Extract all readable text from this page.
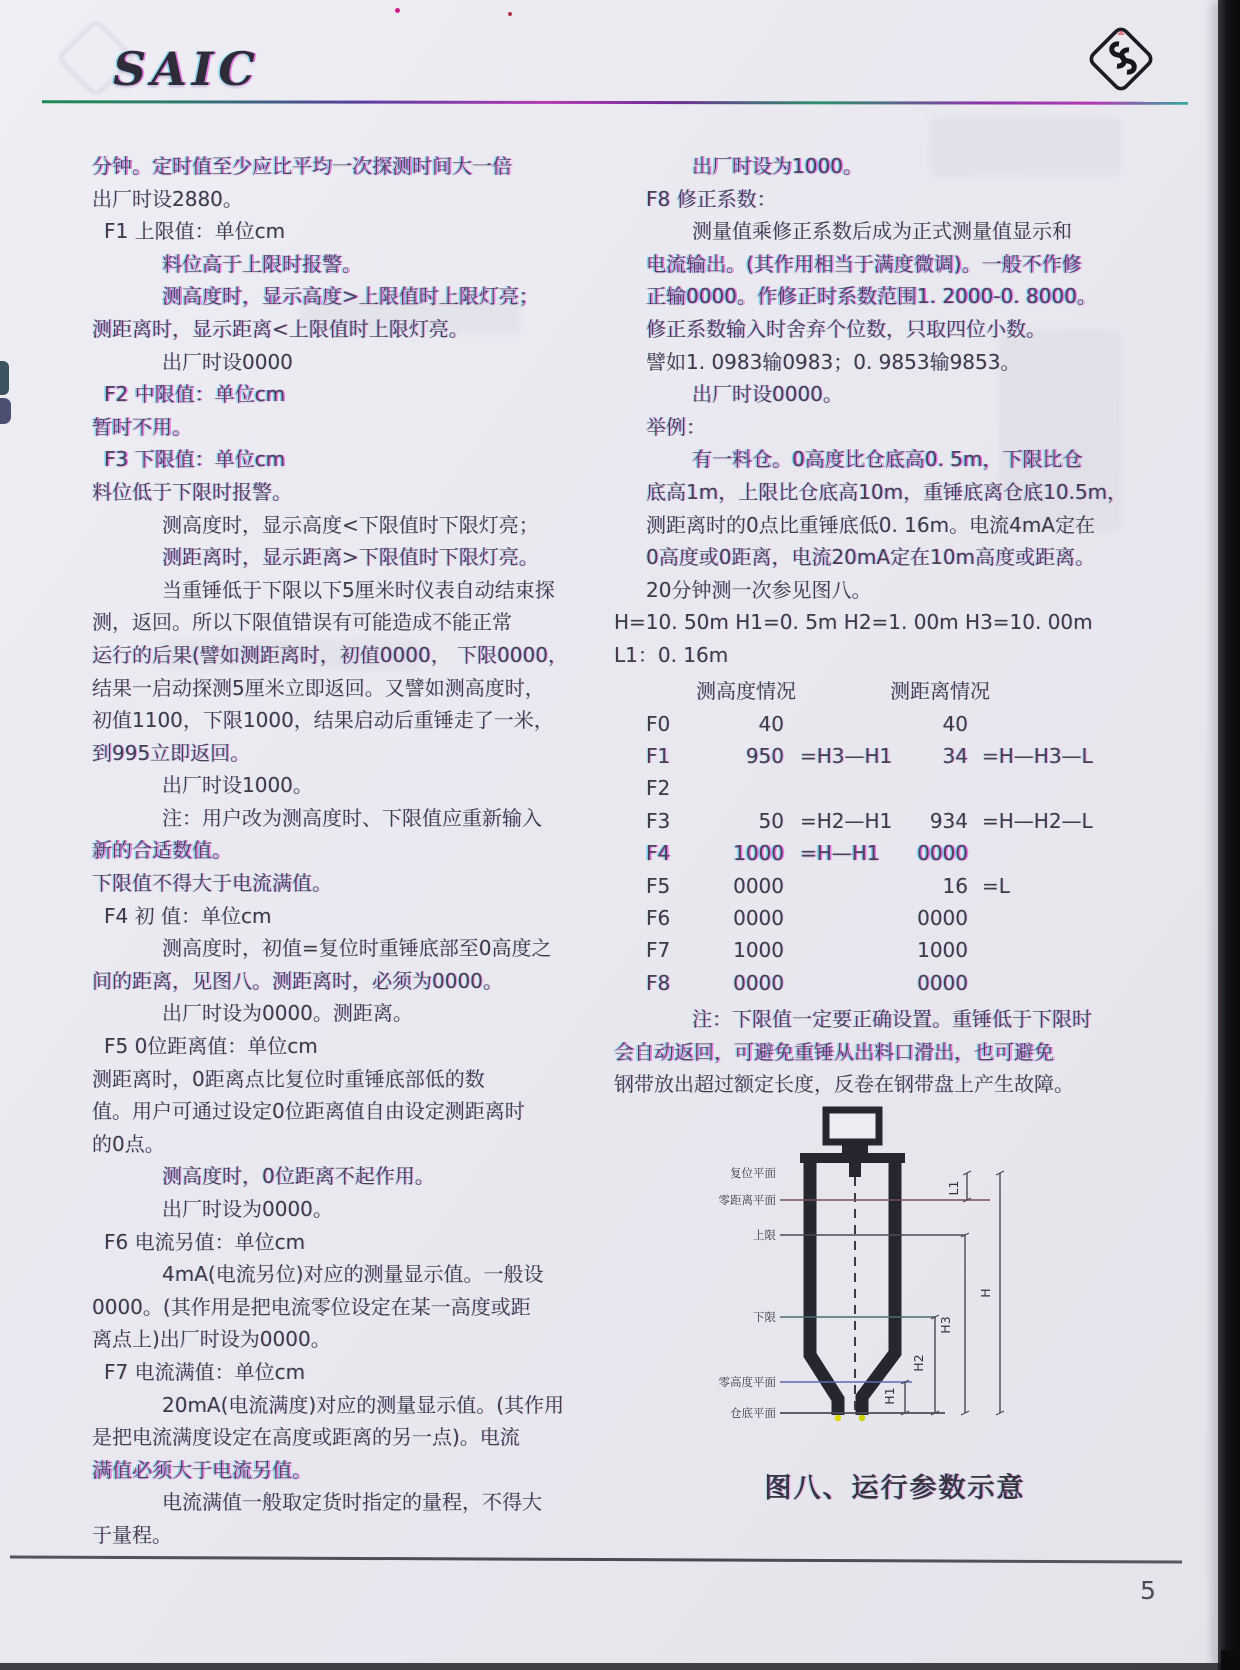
SAIC
分钟。定时值至少应比平均一次探测时间大一倍
出厂时设2880。
F1 上限值：单位cm
料位高于上限时报警。
测高度时，显示高度>上限值时上限灯亮；
测距离时，显示距离<上限值时上限灯亮。
出厂时设0000
F2 中限值：单位cm
暂时不用。
F3 下限值：单位cm
料位低于下限时报警。
测高度时，显示高度<下限值时下限灯亮；
测距离时，显示距离>下限值时下限灯亮。
当重锤低于下限以下5厘米时仪表自动结束探
测，返回。所以下限值错误有可能造成不能正常
运行的后果(譬如测距离时，初值0000， 下限0000，
结果一启动探测5厘米立即返回。又譬如测高度时，
初值1100，下限1000，结果启动后重锤走了一米，
到995立即返回。
出厂时设1000。
注：用户改为测高度时、下限值应重新输入
新的合适数值。
下限值不得大于电流满值。
F4 初 值：单位cm
测高度时，初值=复位时重锤底部至0高度之
间的距离，见图八。测距离时，必须为0000。
出厂时设为0000。测距离。
F5 0位距离值：单位cm
测距离时，0距离点比复位时重锤底部低的数
值。用户可通过设定0位距离值自由设定测距离时
的0点。
测高度时，0位距离不起作用。
出厂时设为0000。
F6 电流另值：单位cm
4mA(电流另位)对应的测量显示值。一般设
0000。(其作用是把电流零位设定在某一高度或距
离点上)出厂时设为0000。
F7 电流满值：单位cm
20mA(电流满度)对应的测量显示值。(其作用
是把电流满度设定在高度或距离的另一点)。电流
满值必须大于电流另值。
电流满值一般取定货时指定的量程，不得大
于量程。
出厂时设为1000。
F8 修正系数：
测量值乘修正系数后成为正式测量值显示和
电流输出。(其作用相当于满度微调)。一般不作修
正输0000。作修正时系数范围1. 2000-0. 8000。
修正系数输入时舍弃个位数，只取四位小数。
譬如1. 0983输0983；0. 9853输9853。
出厂时设0000。
举例：
有一料仓。0高度比仓底高0. 5m，下限比仓
底高1m，上限比仓底高10m，重锤底离仓底10.5m，
测距离时的0点比重锤底低0. 16m。电流4mA定在
0高度或0距离，电流20mA定在10m高度或距离。
20分钟测一次参见图八。
H=10. 50m H1=0. 5m H2=1. 00m H3=10. 00m
L1：0. 16m
测高度情况	测距离情况
F0	40	40
F1	950 =H3—H1	34 =H—H3—L
F2
F3	50 =H2—H1	934 =H—H2—L
F4	1000 =H—H1	0000
F5	0000	16 =L
F6	0000	0000
F7	1000	1000
F8	0000	0000
注：下限值一定要正确设置。重锤低于下限时
会自动返回，可避免重锤从出料口滑出，也可避免
钢带放出超过额定长度，反卷在钢带盘上产生故障。
复位平面
零距离平面
上限
下限
零高度平面
仓底平面
L1
H3
H2
H1
H
图八、运行参数示意
5
